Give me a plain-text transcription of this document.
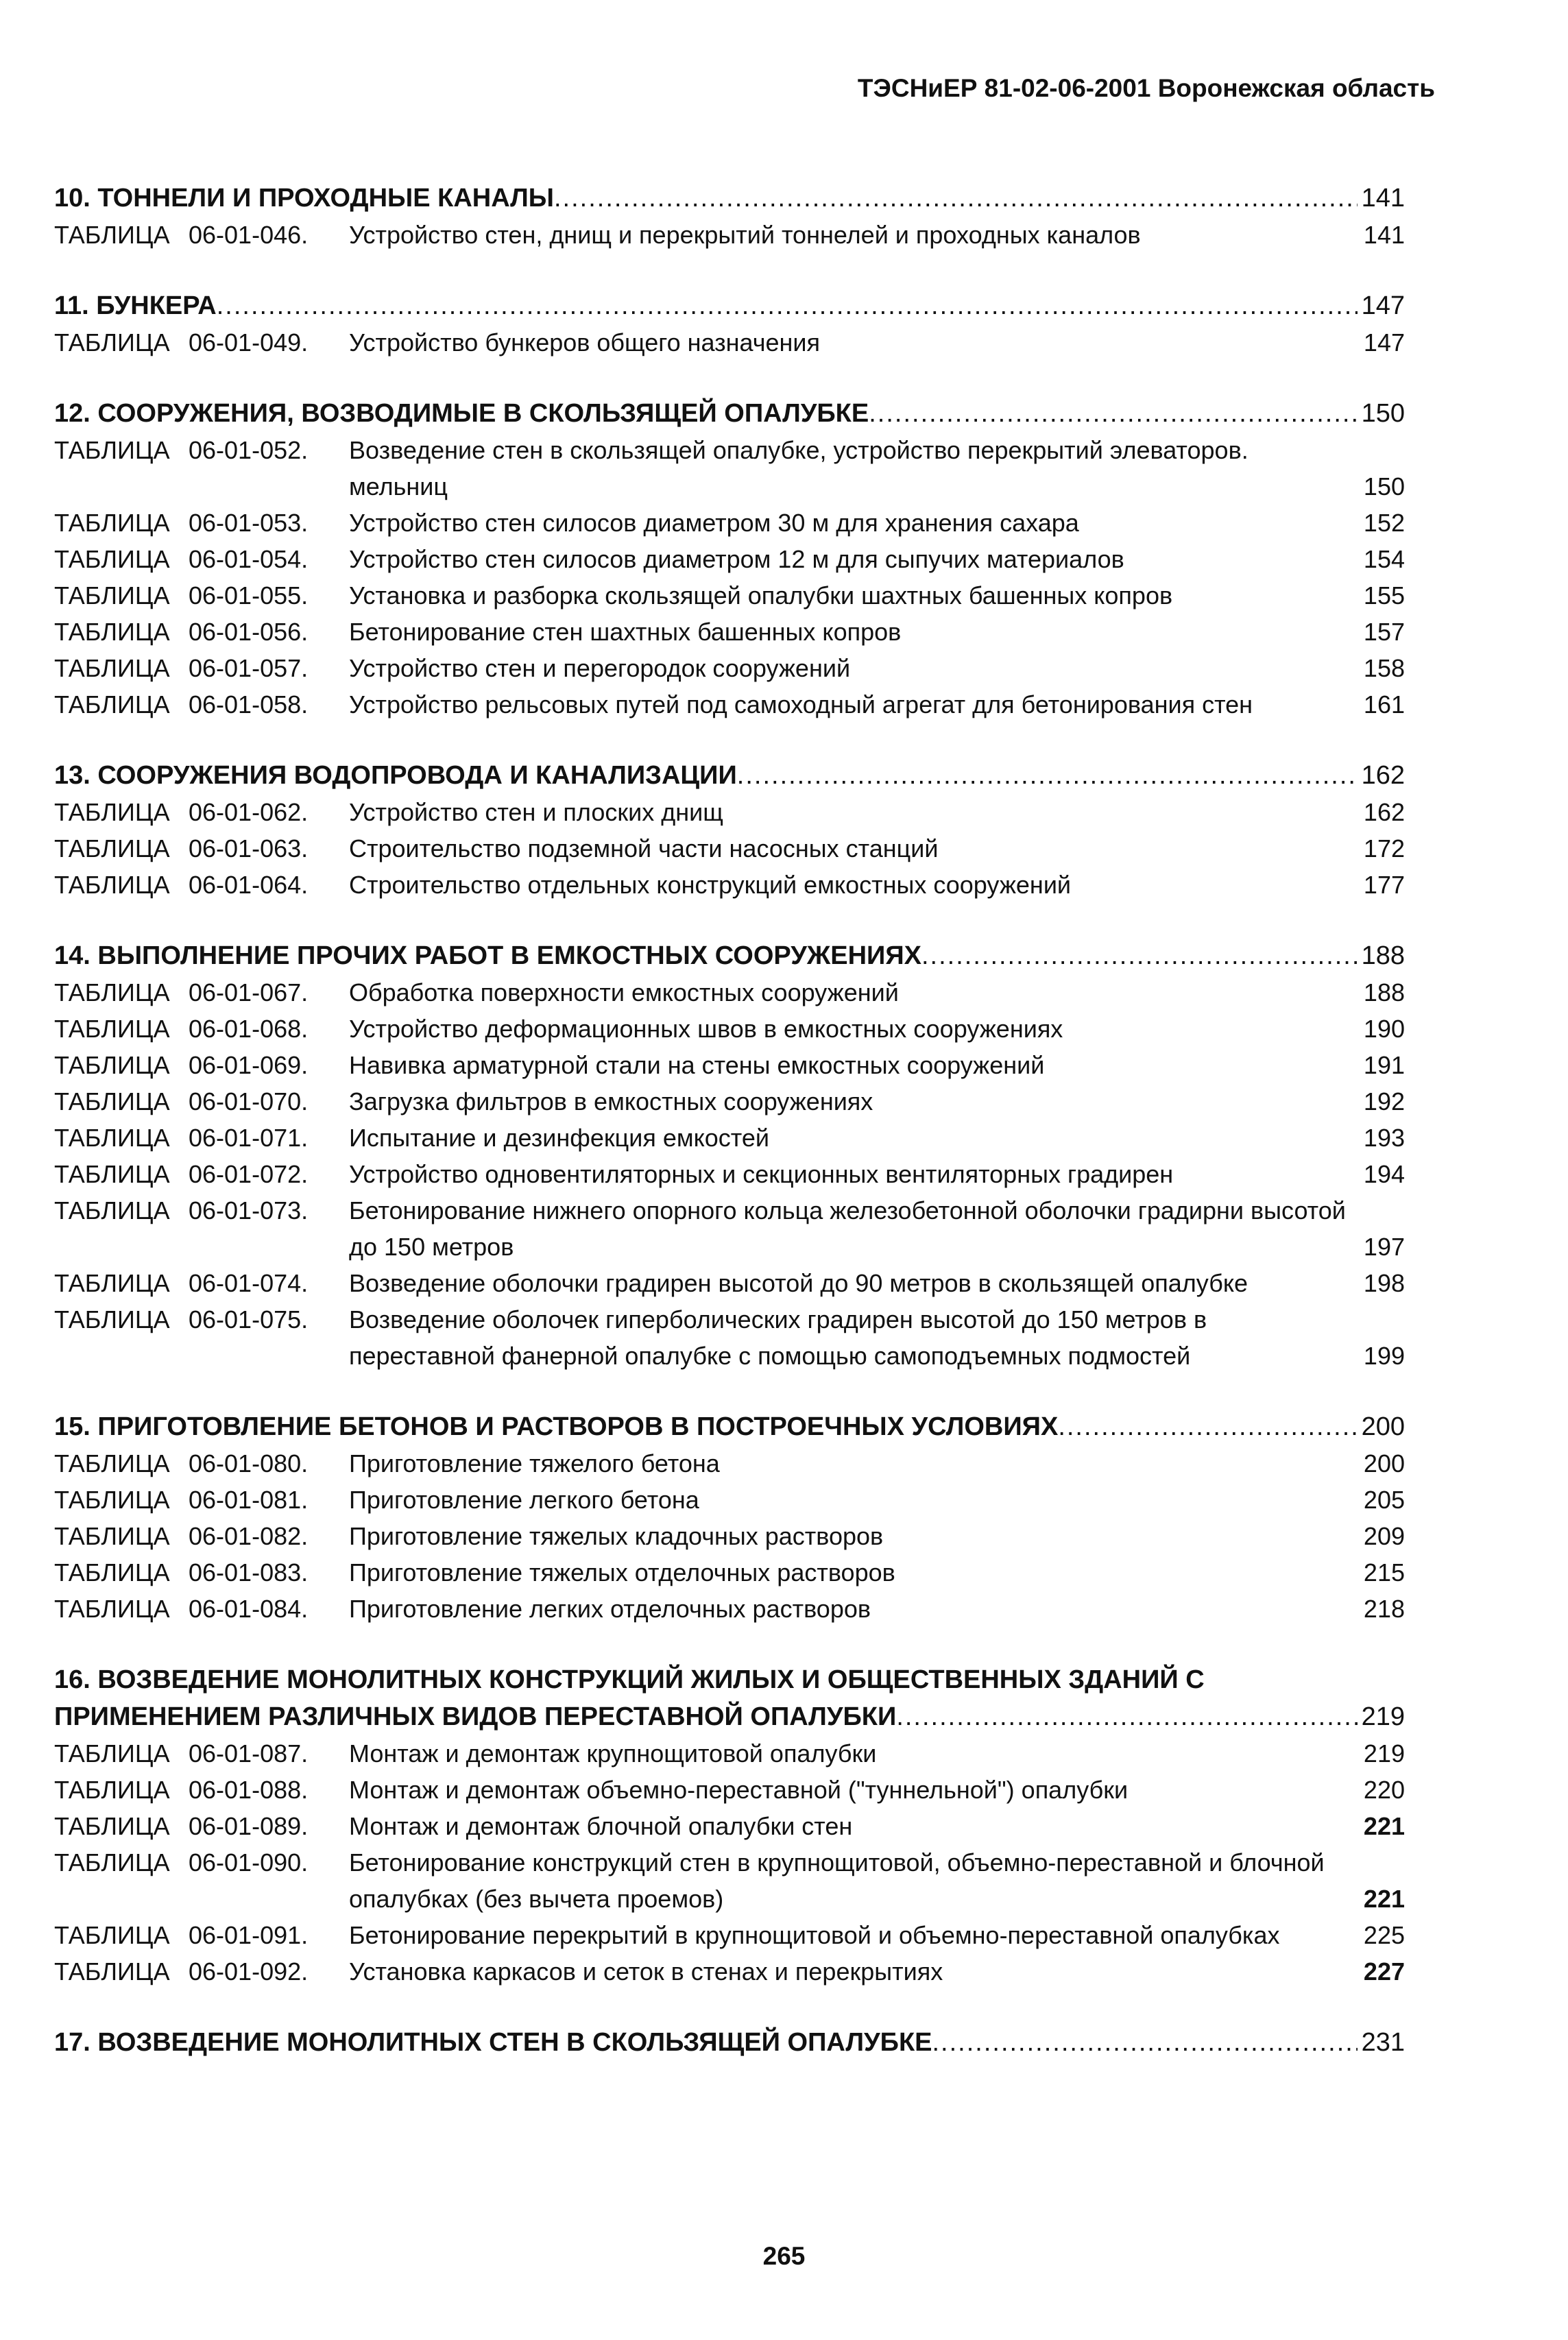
ТЭСНиЕР 81-02-06-2001 Воронежская область
10. ТОННЕЛИ И ПРОХОДНЫЕ КАНАЛЫ .....	141
ТАБЛИЦА 06-01-046.	Устройство стен, днищ и перекрытий тоннелей и проходных каналов	141
11. БУНКЕРА .....	147
ТАБЛИЦА 06-01-049.	Устройство бункеров общего назначения	147
12. СООРУЖЕНИЯ, ВОЗВОДИМЫЕ В СКОЛЬЗЯЩЕЙ ОПАЛУБКЕ .....	150
ТАБЛИЦА 06-01-052.	Возведение стен в скользящей опалубке, устройство перекрытий элеваторов. мельниц	150
ТАБЛИЦА 06-01-053.	Устройство стен силосов диаметром 30 м для хранения сахара	152
ТАБЛИЦА 06-01-054.	Устройство стен силосов диаметром 12 м для сыпучих материалов	154
ТАБЛИЦА 06-01-055.	Установка и разборка скользящей опалубки шахтных башенных копров	155
ТАБЛИЦА 06-01-056.	Бетонирование стен шахтных башенных копров	157
ТАБЛИЦА 06-01-057.	Устройство стен и перегородок сооружений	158
ТАБЛИЦА 06-01-058.	Устройство рельсовых путей под самоходный агрегат для бетонирования стен	161
13. СООРУЖЕНИЯ ВОДОПРОВОДА И КАНАЛИЗАЦИИ .....	162
ТАБЛИЦА 06-01-062.	Устройство стен и плоских днищ	162
ТАБЛИЦА 06-01-063.	Строительство подземной части насосных станций	172
ТАБЛИЦА 06-01-064.	Строительство отдельных конструкций емкостных сооружений	177
14. ВЫПОЛНЕНИЕ ПРОЧИХ РАБОТ В ЕМКОСТНЫХ СООРУЖЕНИЯХ .....	188
ТАБЛИЦА 06-01-067.	Обработка поверхности емкостных сооружений	188
ТАБЛИЦА 06-01-068.	Устройство деформационных швов в емкостных сооружениях	190
ТАБЛИЦА 06-01-069.	Навивка арматурной стали на стены емкостных сооружений	191
ТАБЛИЦА 06-01-070.	Загрузка фильтров в емкостных сооружениях	192
ТАБЛИЦА 06-01-071.	Испытание и дезинфекция емкостей	193
ТАБЛИЦА 06-01-072.	Устройство одновентиляторных и секционных вентиляторных градирен	194
ТАБЛИЦА 06-01-073.	Бетонирование нижнего опорного кольца железобетонной оболочки градирни высотой до 150 метров	197
ТАБЛИЦА 06-01-074.	Возведение оболочки градирен высотой до 90 метров в скользящей опалубке	198
ТАБЛИЦА 06-01-075.	Возведение оболочек гиперболических градирен высотой до 150 метров в переставной фанерной опалубке с помощью самоподъемных подмостей	199
15. ПРИГОТОВЛЕНИЕ БЕТОНОВ И РАСТВОРОВ В ПОСТРОЕЧНЫХ УСЛОВИЯХ .....	200
ТАБЛИЦА 06-01-080.	Приготовление тяжелого бетона	200
ТАБЛИЦА 06-01-081.	Приготовление легкого бетона	205
ТАБЛИЦА 06-01-082.	Приготовление тяжелых кладочных растворов	209
ТАБЛИЦА 06-01-083.	Приготовление тяжелых отделочных растворов	215
ТАБЛИЦА 06-01-084.	Приготовление легких отделочных растворов	218
16. ВОЗВЕДЕНИЕ МОНОЛИТНЫХ КОНСТРУКЦИЙ ЖИЛЫХ И ОБЩЕСТВЕННЫХ ЗДАНИЙ С
ПРИМЕНЕНИЕМ РАЗЛИЧНЫХ ВИДОВ ПЕРЕСТАВНОЙ ОПАЛУБКИ .....	219
ТАБЛИЦА 06-01-087.	Монтаж и демонтаж крупнощитовой опалубки	219
ТАБЛИЦА 06-01-088.	Монтаж и демонтаж объемно-переставной ("туннельной") опалубки	220
ТАБЛИЦА 06-01-089.	Монтаж и демонтаж блочной опалубки стен	221
ТАБЛИЦА 06-01-090.	Бетонирование конструкций стен в крупнощитовой, объемно-переставной и блочной опалубках (без вычета проемов)	221
ТАБЛИЦА 06-01-091.	Бетонирование перекрытий в крупнощитовой и объемно-переставной опалубках	225
ТАБЛИЦА 06-01-092.	Установка каркасов и сеток в стенах и перекрытиях	227
17. ВОЗВЕДЕНИЕ МОНОЛИТНЫХ СТЕН В СКОЛЬЗЯЩЕЙ ОПАЛУБКЕ .....	231
265
